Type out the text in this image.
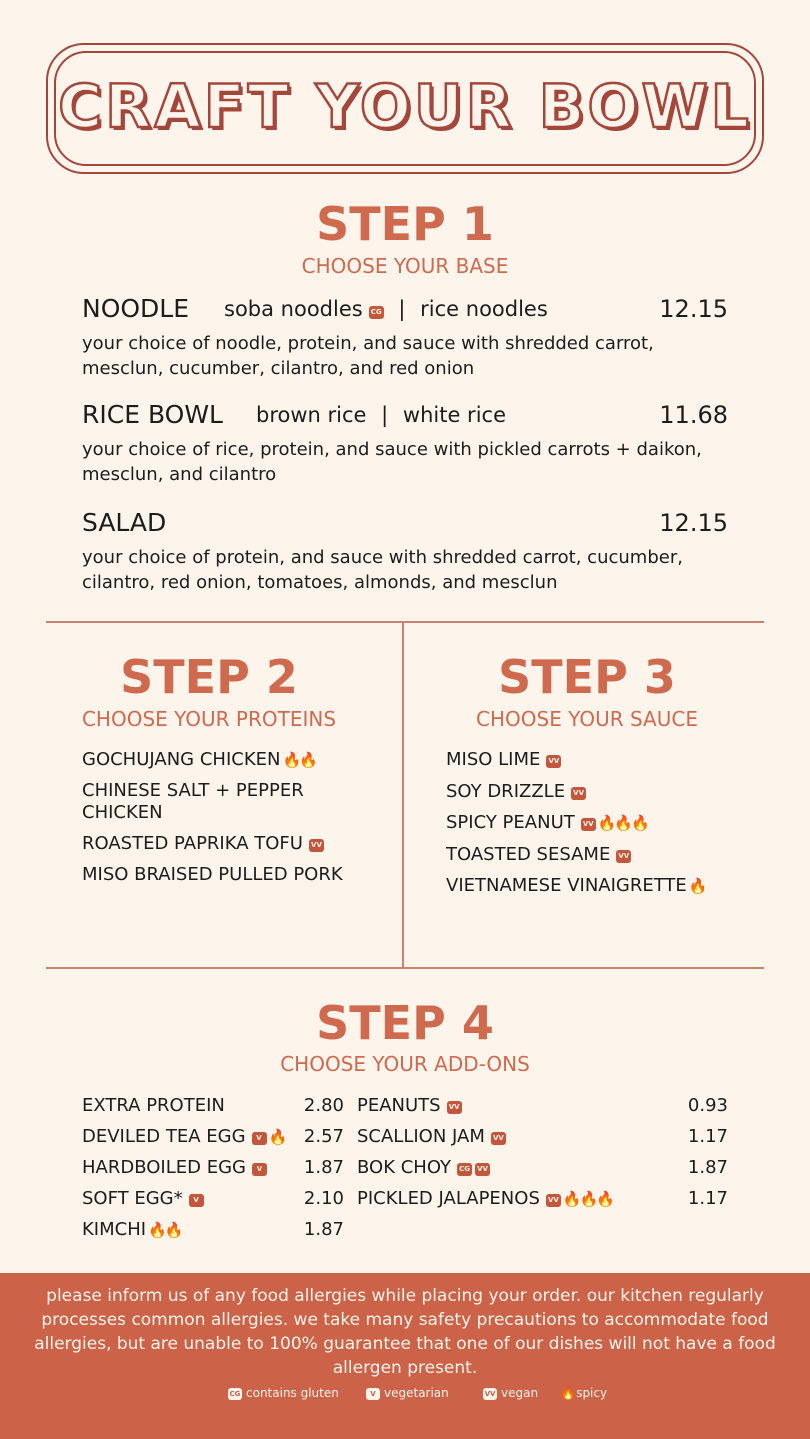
CRAFT YOUR BOWL
STEP 1
CHOOSE YOUR BASE
NOODLE soba noodles CG | rice noodles	12.15
your choice of noodle, protein, and sauce with shredded carrot, mesclun, cucumber, cilantro, and red onion
RICE BOWL brown rice | white rice	11.68
your choice of rice, protein, and sauce with pickled carrots + daikon, mesclun, and cilantro
SALAD	12.15
your choice of protein, and sauce with shredded carrot, cucumber, cilantro, red onion, tomatoes, almonds, and mesclun
STEP 2
CHOOSE YOUR PROTEINS
GOCHUJANG CHICKEN 🔥🔥
CHINESE SALT + PEPPER CHICKEN
ROASTED PAPRIKA TOFU VV
MISO BRAISED PULLED PORK
STEP 3
CHOOSE YOUR SAUCE
MISO LIME VV
SOY DRIZZLE VV
SPICY PEANUT VV 🔥🔥🔥
TOASTED SESAME VV
VIETNAMESE VINAIGRETTE 🔥
STEP 4
CHOOSE YOUR ADD-ONS
EXTRA PROTEIN	2.80
DEVILED TEA EGG V 🔥 2.57
HARDBOILED EGG V 1.87
SOFT EGG* V	2.10
KIMCHI 🔥🔥	1.87
PEANUTS VV	0.93
SCALLION JAM VV	1.17
BOK CHOY CG VV	1.87
PICKLED JALAPENOS VV 🔥🔥🔥	1.17
please inform us of any food allergies while placing your order. our kitchen regularly processes common allergies. we take many safety precautions to accommodate food allergies, but are unable to 100% guarantee that one of our dishes will not have a food allergen present.
CG contains gluten	V vegetarian	VV vegan 🔥spicy
